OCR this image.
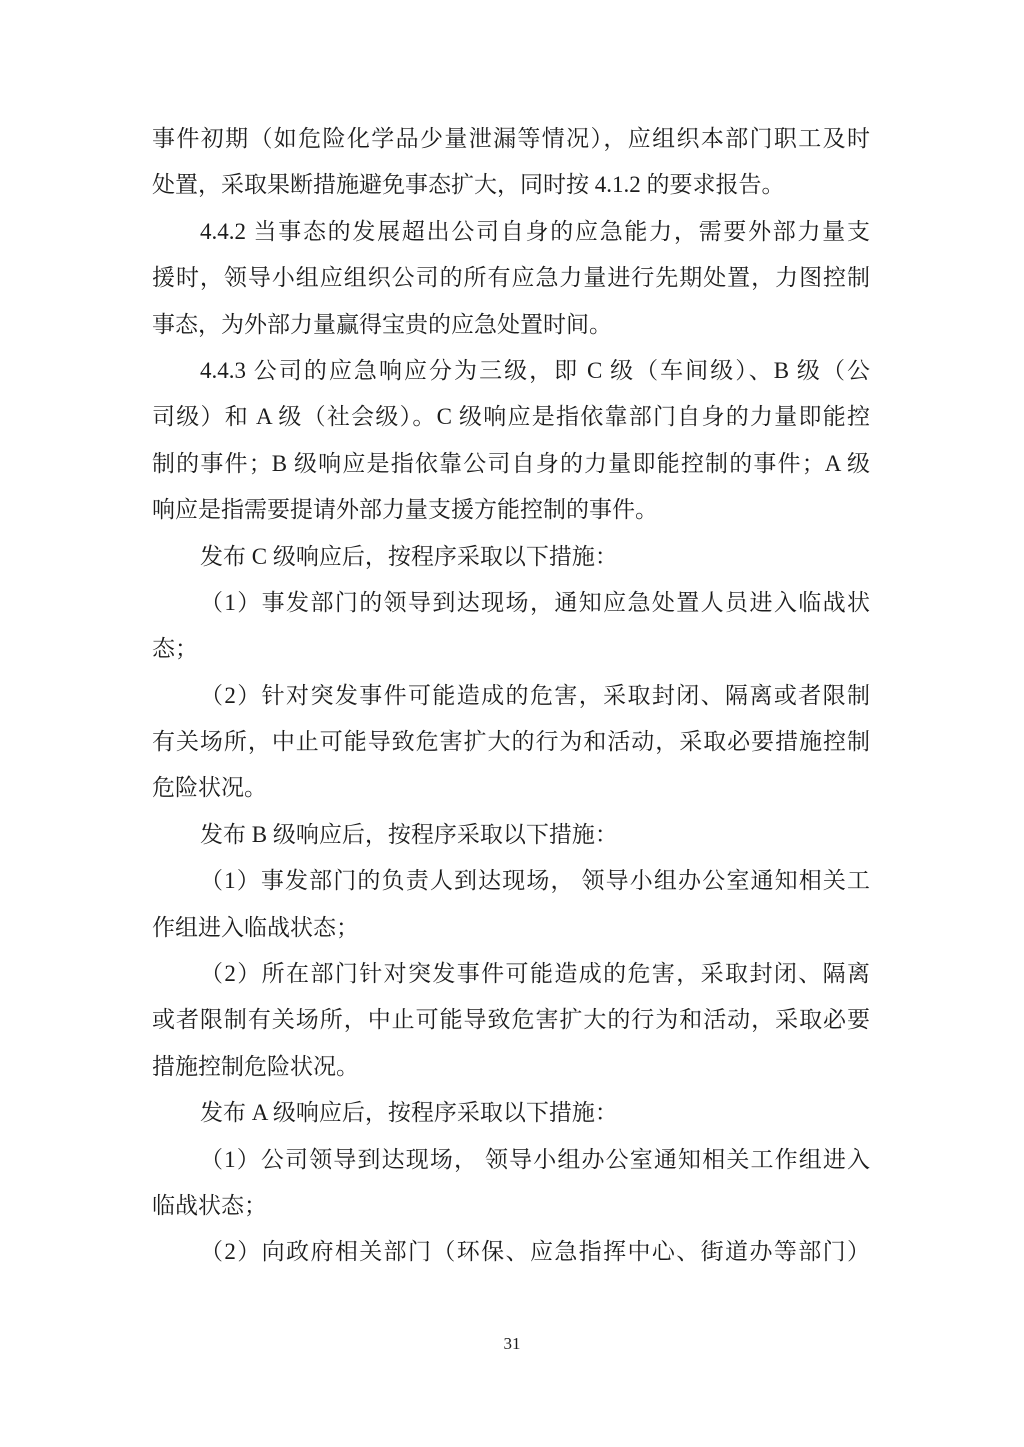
事件初期（如危险化学品少量泄漏等情况），应组织本部门职工及时
处置，采取果断措施避免事态扩大，同时按 4.1.2 的要求报告。
4.4.2 当事态的发展超出公司自身的应急能力，需要外部力量支
援时，领导小组应组织公司的所有应急力量进行先期处置，力图控制
事态，为外部力量赢得宝贵的应急处置时间。
4.4.3 公司的应急响应分为三级，即 C 级（车间级）、B 级（公
司级）和 A 级（社会级）。C 级响应是指依靠部门自身的力量即能控
制的事件；B 级响应是指依靠公司自身的力量即能控制的事件；A 级
响应是指需要提请外部力量支援方能控制的事件。
发布 C 级响应后，按程序采取以下措施：
（1）事发部门的领导到达现场，通知应急处置人员进入临战状
态；
（2）针对突发事件可能造成的危害，采取封闭、隔离或者限制
有关场所，中止可能导致危害扩大的行为和活动，采取必要措施控制
危险状况。
发布 B 级响应后，按程序采取以下措施：
（1）事发部门的负责人到达现场， 领导小组办公室通知相关工
作组进入临战状态；
（2）所在部门针对突发事件可能造成的危害，采取封闭、隔离
或者限制有关场所，中止可能导致危害扩大的行为和活动，采取必要
措施控制危险状况。
发布 A 级响应后，按程序采取以下措施：
（1）公司领导到达现场， 领导小组办公室通知相关工作组进入
临战状态；
（2）向政府相关部门（环保、应急指挥中心、街道办等部门）
31
